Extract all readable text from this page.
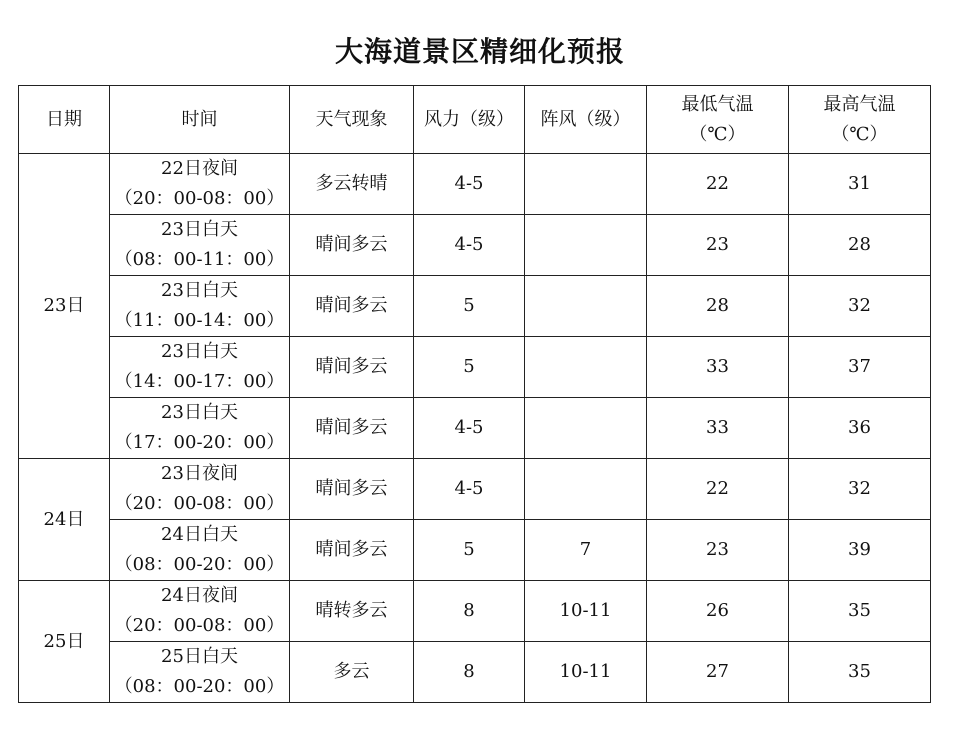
大海道景区精细化预报
日期	时间	天气现象	风力（级）	阵风（级）	最低气温
（℃）	最高气温
（℃）

23日	22日夜间
（20：00-08：00）	多云转晴	4-5		22	31

	23日白天
（08：00-11：00）	晴间多云	4-5		23	28

	23日白天
（11：00-14：00）	晴间多云	5		28	32

	23日白天
（14：00-17：00）	晴间多云	5		33	37

	23日白天
（17：00-20：00）	晴间多云	4-5		33	36
24日	23日夜间
（20：00-08：00）	晴间多云	4-5		22	32

	24日白天
（08：00-20：00）	晴间多云	5	7	23	39
25日	24日夜间
（20：00-08：00）	晴转多云	8	10-11	26	35

	25日白天
（08：00-20：00）	多云	8	10-11	27	35
